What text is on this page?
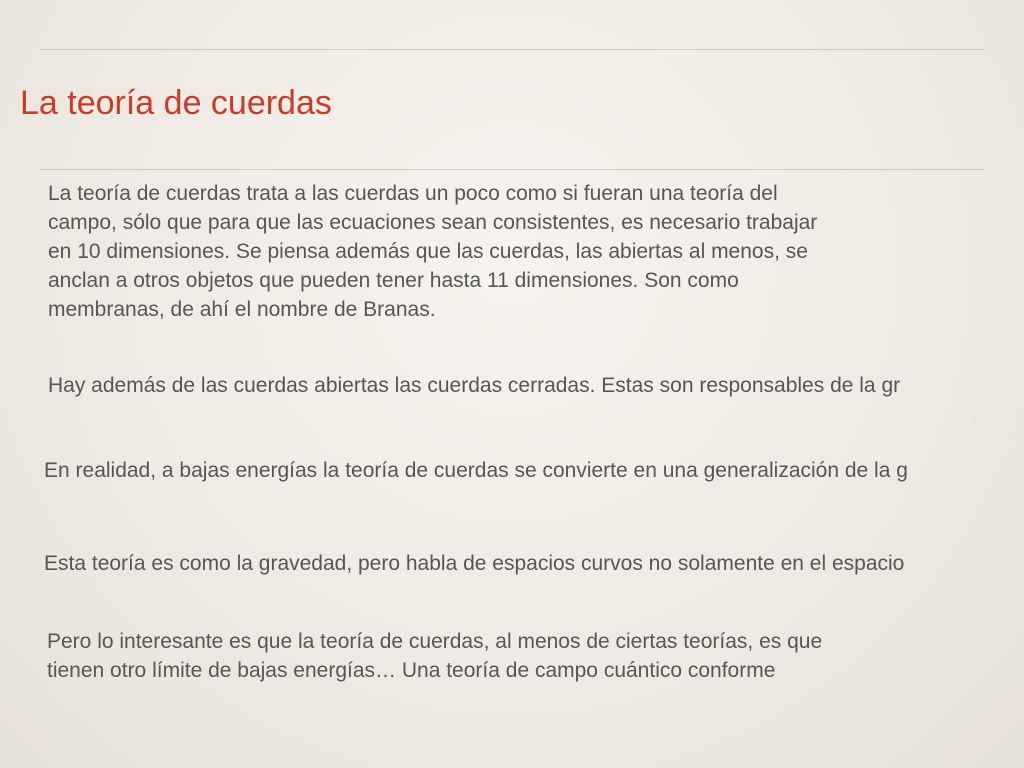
La teoría de cuerdas

La teoría de cuerdas trata a las cuerdas un poco como si fueran una teoría del
campo, sólo que para que las ecuaciones sean consistentes, es necesario trabajar
en 10 dimensiones. Se piensa además que las cuerdas, las abiertas al menos, se
anclan a otros objetos que pueden tener hasta 11 dimensiones. Son como
membranas, de ahí el nombre de Branas.

Hay además de las cuerdas abiertas las cuerdas cerradas. Estas son responsables de la gr

En realidad, a bajas energías la teoría de cuerdas se convierte en una generalización de la g

Esta teoría es como la gravedad, pero habla de espacios curvos no solamente en el espacio

Pero lo interesante es que la teoría de cuerdas, al menos de ciertas teorías, es que
tienen otro límite de bajas energías… Una teoría de campo cuántico conforme
